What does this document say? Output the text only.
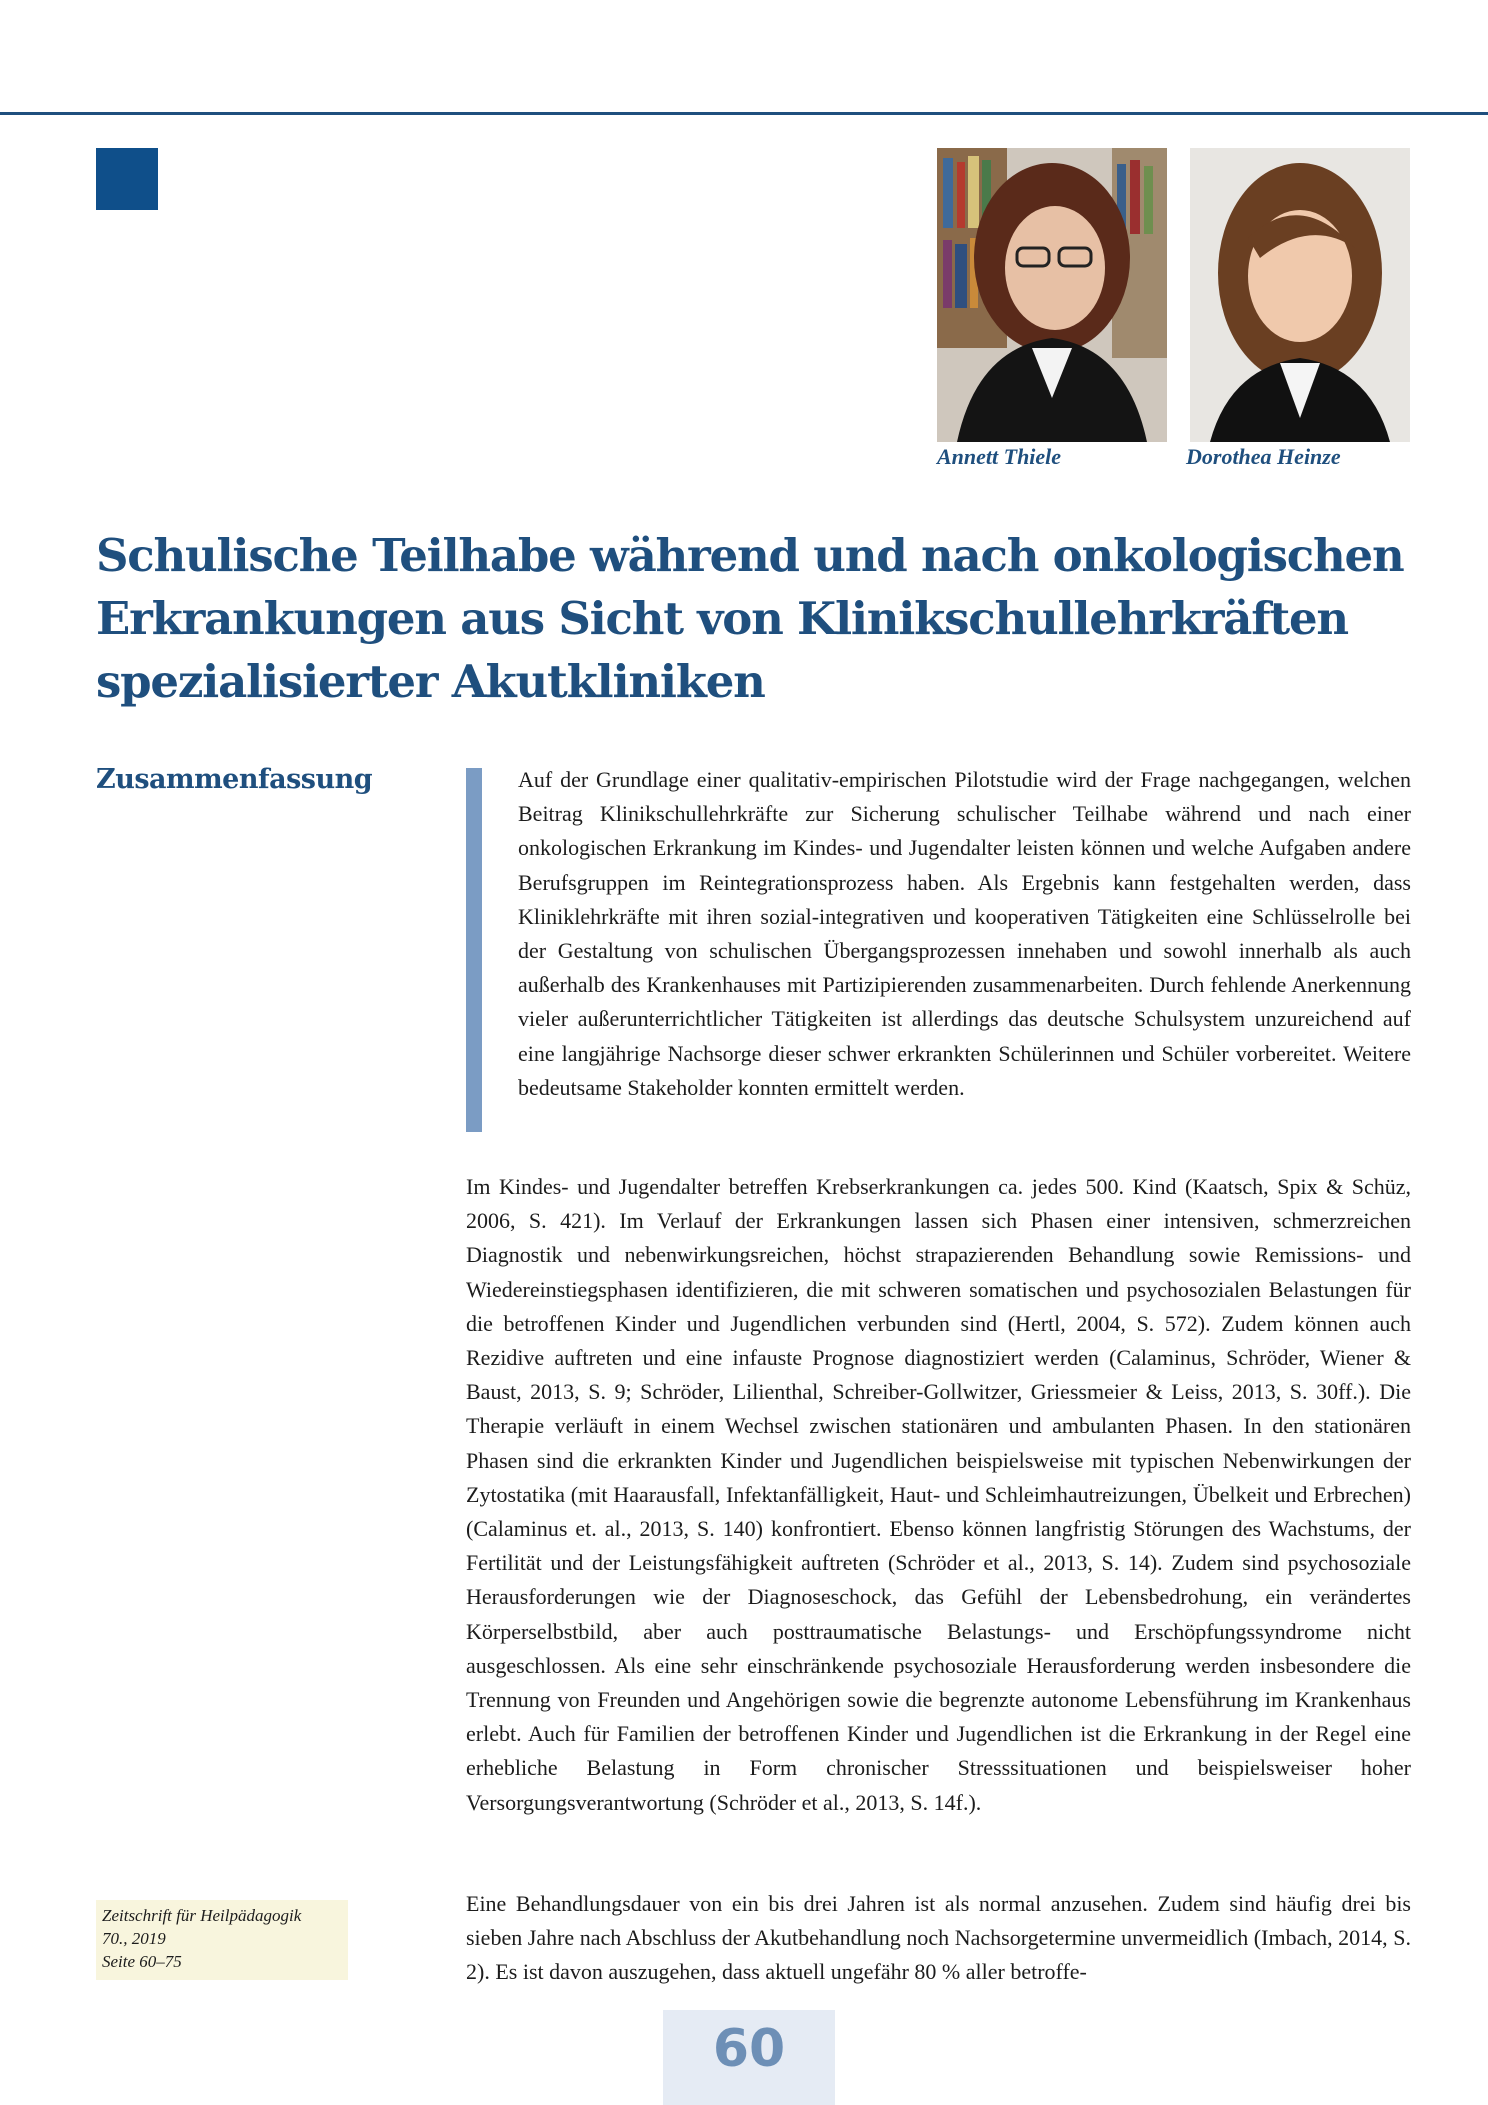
Annett Thiele	Dorothea Heinze
Schulische Teilhabe während und nach onkologischen
Erkrankungen aus Sicht von Klinikschullehrkräften
spezialisierter Akutkliniken
Zusammenfassung	Auf der Grundlage einer qualitativ-empirischen Pilotstudie wird der Frage nachgegangen, welchen Beitrag Klinikschullehrkräfte zur Sicherung schulischer Teilhabe während und nach einer onkologischen Erkrankung im Kindes- und Jugendalter leisten können und welche Aufgaben andere Berufsgruppen im Reintegrationsprozess haben. Als Ergebnis kann festgehalten werden, dass Kliniklehrkräfte mit ihren sozial-integrativen und kooperativen Tätigkeiten eine Schlüsselrolle bei der Gestaltung von schulischen Übergangsprozessen innehaben und sowohl innerhalb als auch außerhalb des Krankenhauses mit Partizipierenden zusammenarbeiten. Durch fehlende Anerkennung vieler außerunterrichtlicher Tätigkeiten ist allerdings das deutsche Schulsystem unzureichend auf eine langjährige Nachsorge dieser schwer erkrankten Schülerinnen und Schüler vorbereitet. Weitere bedeutsame Stakeholder konnten ermittelt werden.

Im Kindes- und Jugendalter betreffen Krebserkrankungen ca. jedes 500. Kind (Kaatsch, Spix & Schüz, 2006, S. 421). Im Verlauf der Erkrankungen lassen sich Phasen einer intensiven, schmerzreichen Diagnostik und nebenwirkungsreichen, höchst strapazierenden Behandlung sowie Remissions- und Wiedereinstiegsphasen identifizieren, die mit schweren somatischen und psychosozialen Belastungen für die betroffenen Kinder und Jugendlichen verbunden sind (Hertl, 2004, S. 572). Zudem können auch Rezidive auftreten und eine infauste Prognose diagnostiziert werden (Calaminus, Schröder, Wiener & Baust, 2013, S. 9; Schröder, Lilienthal, Schreiber-Gollwitzer, Griessmeier & Leiss, 2013, S. 30ff.). Die Therapie verläuft in einem Wechsel zwischen stationären und ambulanten Phasen. In den stationären Phasen sind die erkrankten Kinder und Jugendlichen beispielsweise mit typischen Nebenwirkungen der Zytostatika (mit Haarausfall, Infektanfälligkeit, Haut- und Schleimhautreizungen, Übelkeit und Erbrechen) (Calaminus et. al., 2013, S. 140) konfrontiert. Ebenso können langfristig Störungen des Wachstums, der Fertilität und der Leistungsfähigkeit auftreten (Schröder et al., 2013, S. 14). Zudem sind psychosoziale Herausforderungen wie der Diagnoseschock, das Gefühl der Lebensbedrohung, ein verändertes Körperselbstbild, aber auch posttraumatische Belastungs- und Erschöpfungssyndrome nicht ausgeschlossen. Als eine sehr einschränkende psychosoziale Herausforderung werden insbesondere die Trennung von Freunden und Angehörigen sowie die begrenzte autonome Lebensführung im Krankenhaus erlebt. Auch für Familien der betroffenen Kinder und Jugendlichen ist die Erkrankung in der Regel eine erhebliche Belastung in Form chronischer Stresssituationen und beispielsweiser hoher Versorgungsverantwortung (Schröder et al., 2013, S. 14f.).

Eine Behandlungsdauer von ein bis drei Jahren ist als normal anzusehen. Zudem sind häufig drei bis sieben Jahre nach Abschluss der Akutbehandlung noch Nachsorgetermine unvermeidlich (Imbach, 2014, S. 2). Es ist davon auszugehen, dass aktuell ungefähr 80 % aller betroffe-

Zeitschrift für Heilpädagogik
70., 2019
Seite 60–75
60
